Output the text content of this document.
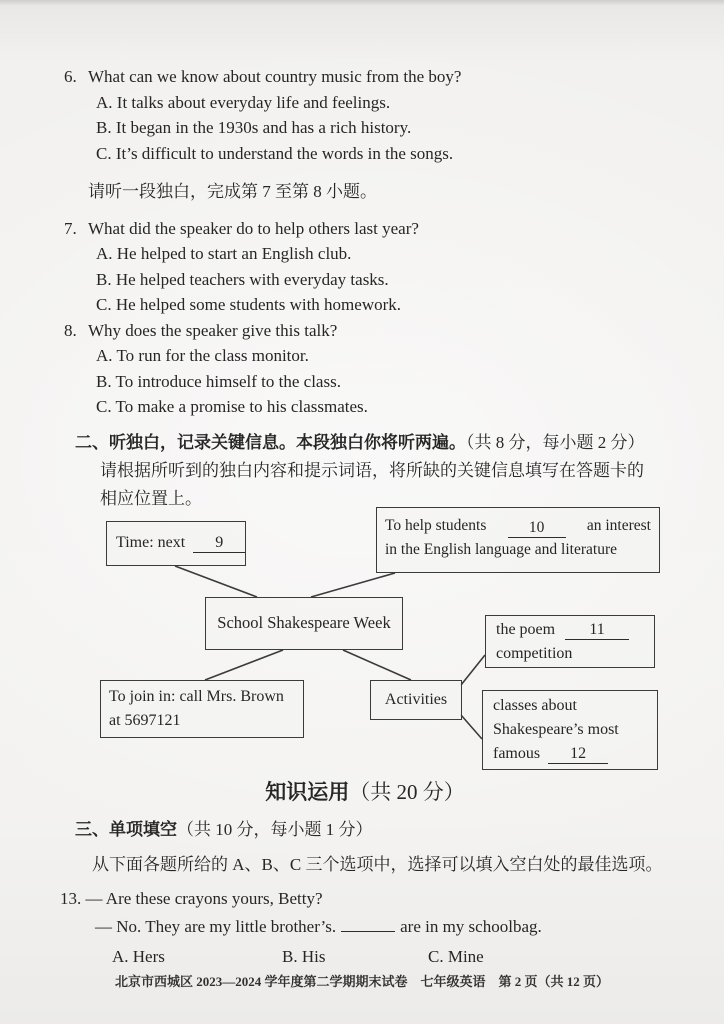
6. What can we know about country music from the boy?
A. It talks about everyday life and feelings.
B. It began in the 1930s and has a rich history.
C. It’s difficult to understand the words in the songs.
请听一段独白，完成第 7 至第 8 小题。
7. What did the speaker do to help others last year?
A. He helped to start an English club.
B. He helped teachers with everyday tasks.
C. He helped some students with homework.
8. Why does the speaker give this talk?
A. To run for the class monitor.
B. To introduce himself to the class.
C. To make a promise to his classmates.
二、听独白，记录关键信息。本段独白你将听两遍。（共 8 分，每小题 2 分）
请根据所听到的独白内容和提示词语，将所缺的关键信息填写在答题卡的
相应位置上。
Time: next 9
To help students	10	an interest
in the English language and literature
School Shakespeare Week	the poem 11 competition
To join in: call Mrs. Brown
at 5697121
Activities	classes about Shakespeare’s most famous 12
知识运用（共 20 分）
三、单项填空（共 10 分，每小题 1 分）
从下面各题所给的 A、B、C 三个选项中，选择可以填入空白处的最佳选项。
13. — Are these crayons yours, Betty?
— No. They are my little brother’s.	are in my schoolbag.
A. Hers	B. His	C. Mine
北京市西城区 2023—2024 学年度第二学期期末试卷　七年级英语　第 2 页（共 12 页）
